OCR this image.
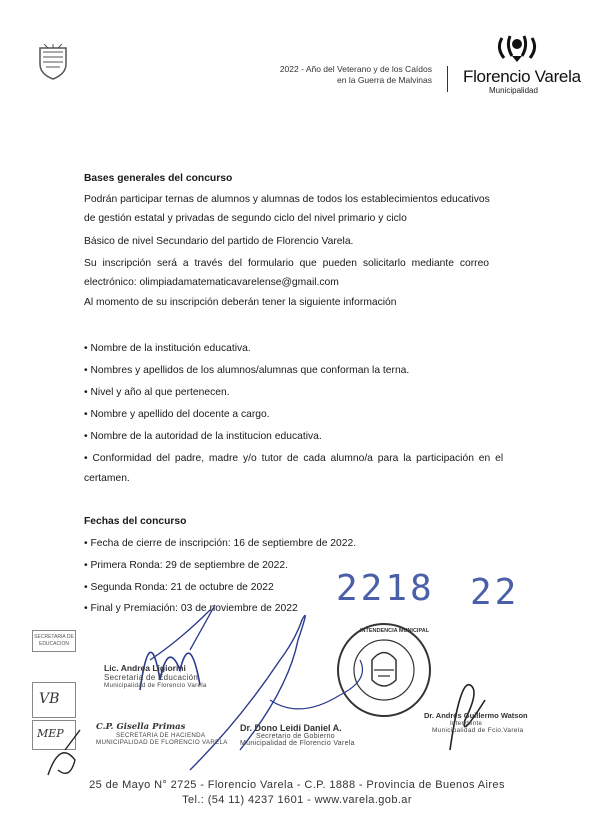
2022 - Año del Veterano y de los Caídos
en la Guerra de Malvinas Florencio Varela
Municipalidad
Bases generales del concurso
Podrán participar ternas de alumnos y alumnas de todos los establecimientos educativos
de gestión estatal y privadas de segundo ciclo del nivel primario y ciclo
Básico de nivel Secundario del partido de Florencio Varela.
Su inscripción será a través del formulario que pueden solicitarlo mediante correo
electrónico: olimpiadamatematicavarelense@gmail.com
Al momento de su inscripción deberán tener la siguiente información
• Nombre de la institución educativa.
• Nombres y apellidos de los alumnos/alumnas que conforman la terna.
• Nivel y año al que pertenecen.
• Nombre y apellido del docente a cargo.
• Nombre de la autoridad de la institucion educativa.
• Conformidad del padre, madre y/o tutor de cada alumno/a para la participación en el
certamen.
Fechas del concurso
• Fecha de cierre de inscripción: 16 de septiembre de 2022.
• Primera Ronda: 29 de septiembre de 2022.
• Segunda Ronda: 21 de octubre de 2022
• Final y Premiación: 03 de noviembre de 2022 2218 22
SECRETARIA DE EDUCACION
VB
MEP
INTENDENCIA MUNICIPAL
Lic. Andrea Ligiorini
Secretaria de Educación
Municipalidad de Florencio Varela
C.P. Gisella Primas
SECRETARIA DE HACIENDA
MUNICIPALIDAD DE FLORENCIO VARELA
Dr. Dono Leidi Daniel A.
Secretario de Gobierno
Municipalidad de Florencio Varela
Dr. Andrés Guillermo Watson
Intendente
Municipalidad de Fcio.Varela
25 de Mayo N° 2725 - Florencio Varela - C.P. 1888 - Provincia de Buenos Aires
Tel.: (54 11) 4237 1601 - www.varela.gob.ar
